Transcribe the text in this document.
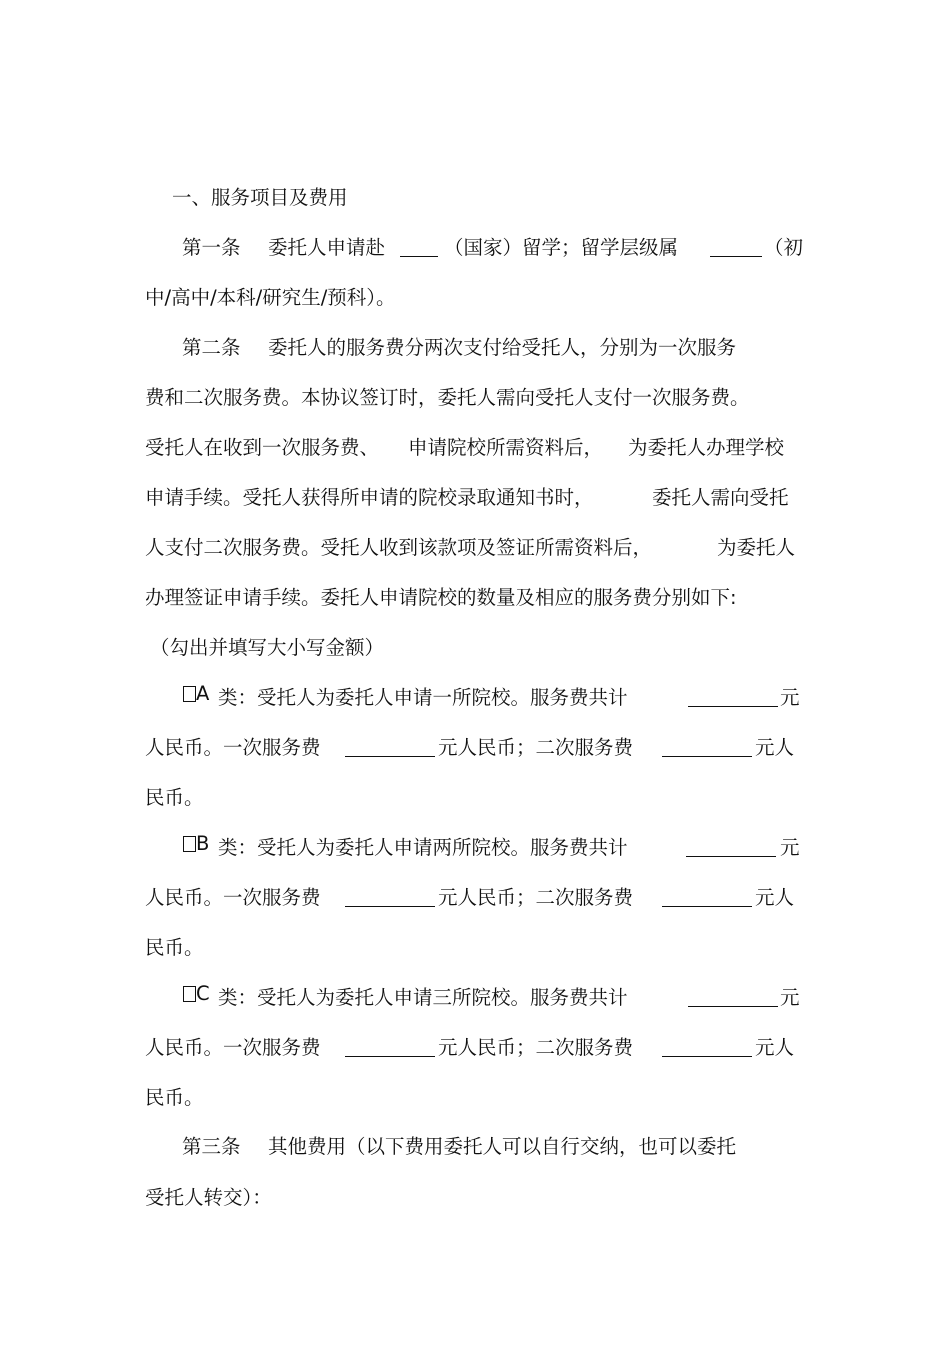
一、服务项目及费用
第一条 委托人申请赴	（国家）留学；留学层级属	（初
中/高中/本科/研究生/预科）。
第二条 委托人的服务费分两次支付给受托人，分别为一次服务
费和二次服务费。本协议签订时，委托人需向受托人支付一次服务费。
受托人在收到一次服务费、 申请院校所需资料后， 为委托人办理学校
申请手续。受托人获得所申请的院校录取通知书时，	委托人需向受托
人支付二次服务费。受托人收到该款项及签证所需资料后，	为委托人
办理签证申请手续。委托人申请院校的数量及相应的服务费分别如下:
（勾出并填写大小写金额）
A 类：受托人为委托人申请一所院校。服务费共计	元
人民币。一次服务费	元人民币；二次服务费	元人
民币。
B 类：受托人为委托人申请两所院校。服务费共计	元
人民币。一次服务费	元人民币；二次服务费	元人
民币。
C 类：受托人为委托人申请三所院校。服务费共计	元
人民币。一次服务费	元人民币；二次服务费	元人
民币。
第三条 其他费用（以下费用委托人可以自行交纳，也可以委托
受托人转交）：
